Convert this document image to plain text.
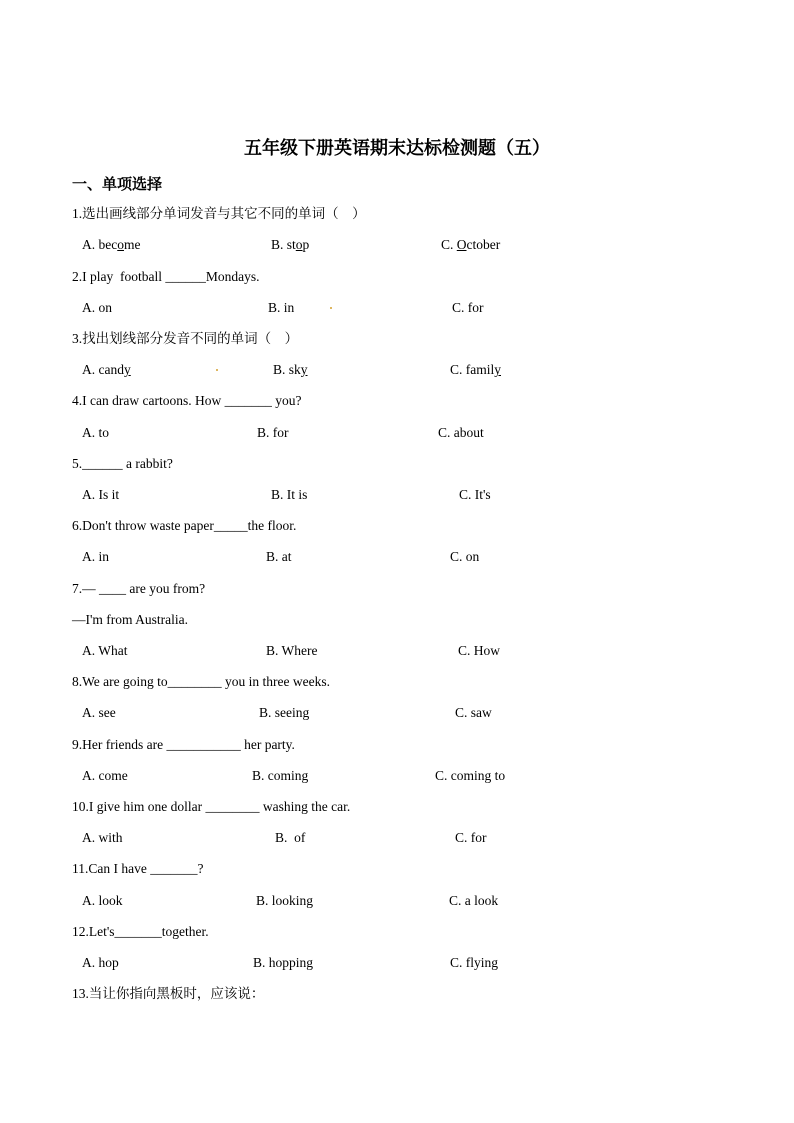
五年级下册英语期末达标检测题（五）
一、单项选择
1.选出画线部分单词发音与其它不同的单词（　）
A. become	B. stop	C. October
2.I play  football ______Mondays.
A. on	B. in	C. for
3.找出划线部分发音不同的单词（　）
A. candy	B. sky	C. family
4.I can draw cartoons. How _______ you?
A. to	B. for	C. about
5.______ a rabbit?
A. Is it	B. It is	C. It's
6.Don't throw waste paper_____the floor.
A. in	B. at	C. on
7.— ____ are you from?
—I'm from Australia.
A. What	B. Where	C. How
8.We are going to________ you in three weeks.
A. see	B. seeing	C. saw
9.Her friends are ___________ her party.
A. come	B. coming	C. coming to
10.I give him one dollar ________ washing the car.
A. with	B.  of	C. for
11.Can I have _______?
A. look	B. looking	C. a look
12.Let's_______together.
A. hop	B. hopping	C. flying
13.当让你指向黑板时，应该说：
